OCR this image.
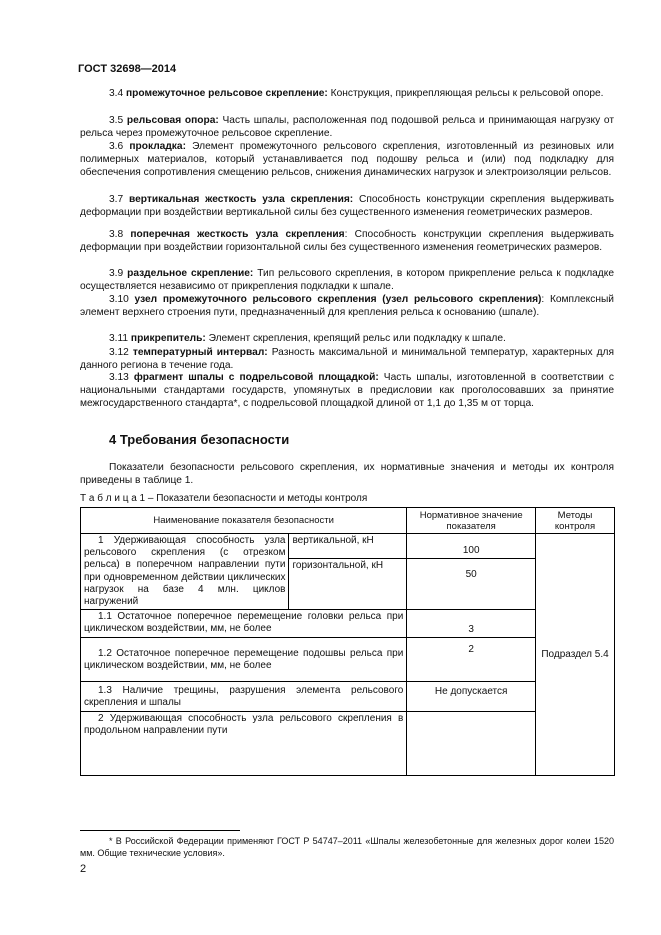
ГОСТ 32698—2014

3.4 промежуточное рельсовое скрепление: Конструкция, прикрепляющая рельсы к рельсовой опоре.

3.5 рельсовая опора: Часть шпалы, расположенная под подошвой рельса и принимающая нагрузку от рельса через промежуточное рельсовое скрепление.

3.6 прокладка: Элемент промежуточного рельсового скрепления, изготовленный из резиновых или полимерных материалов, который устанавливается под подошву рельса и (или) под подкладку для обеспечения сопротивления смещению рельсов, снижения динамических нагрузок и электроизоляции рельсов.

3.7 вертикальная жесткость узла скрепления: Способность конструкции скрепления выдерживать деформации при воздействии вертикальной силы без существенного изменения геометрических размеров.

3.8 поперечная жесткость узла скрепления: Способность конструкции скрепления выдерживать деформации при воздействии горизонтальной силы без существенного изменения геометрических размеров.

3.9 раздельное скрепление: Тип рельсового скрепления, в котором прикрепление рельса к подкладке осуществляется независимо от прикрепления подкладки к шпале.

3.10 узел промежуточного рельсового скрепления (узел рельсового скрепления): Комплексный элемент верхнего строения пути, предназначенный для крепления рельса к основанию (шпале).

3.11 прикрепитель: Элемент скрепления, крепящий рельс или подкладку к шпале.

3.12 температурный интервал: Разность максимальной и минимальной температур, характерных для данного региона в течение года.

3.13 фрагмент шпалы с подрельсовой площадкой: Часть шпалы, изготовленной в соответствии с национальными стандартами государств, упомянутых в предисловии как проголосовавших за принятие межгосударственного стандарта*, с подрельсовой площадкой длиной от 1,1 до 1,35 м от торца.

4 Требования безопасности

Показатели безопасности рельсового скрепления, их нормативные значения и методы их контроля приведены в таблице 1.

Т а б л и ц а 1 – Показатели безопасности и методы контроля
Наименование показателя безопасности		Нормативное значение показателя	Методы контроля

1 Удерживающая способность узла рельсового скрепления (с отрезком рельса) в поперечном направлении пути при одновременном действии циклических нагрузок на базе 4 млн. циклов нагружений	вертикальной, кН	100	Подраздел 5.4
	горизонтальной, кН	50	

1.1 Остаточное поперечное перемещение головки рельса при циклическом воздействии, мм, не более		3	

1.2 Остаточное поперечное перемещение подошвы рельса при циклическом воздействии, мм, не более		2	

1.3 Наличие трещины, разрушения элемента рельсового скрепления и шпалы		Не допускается	

2 Удерживающая способность узла рельсового скрепления в продольном направлении пути			

* В Российской Федерации применяют ГОСТ Р 54747–2011 «Шпалы железобетонные для железных дорог колеи 1520 мм. Общие технические условия».

2
